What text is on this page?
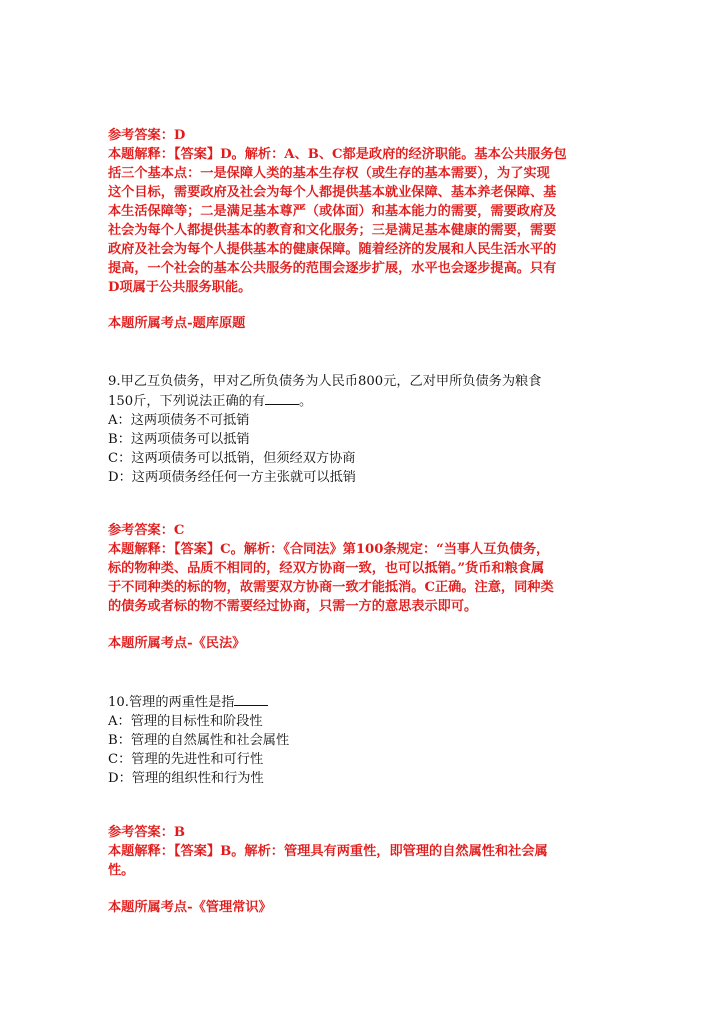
参考答案：D

本题解释：【答案】D。解析：A、B、C都是政府的经济职能。基本公共服务包

括三个基本点：一是保障人类的基本生存权（或生存的基本需要），为了实现

这个目标，需要政府及社会为每个人都提供基本就业保障、基本养老保障、基

本生活保障等；二是满足基本尊严（或体面）和基本能力的需要，需要政府及

社会为每个人都提供基本的教育和文化服务；三是满足基本健康的需要，需要

政府及社会为每个人提供基本的健康保障。随着经济的发展和人民生活水平的

提高，一个社会的基本公共服务的范围会逐步扩展，水平也会逐步提高。只有

D项属于公共服务职能。

本题所属考点-题库原题

9.甲乙互负债务，甲对乙所负债务为人民币800元，乙对甲所负债务为粮食

150斤，下列说法正确的有	。

A：这两项债务不可抵销

B：这两项债务可以抵销

C：这两项债务可以抵销，但须经双方协商

D：这两项债务经任何一方主张就可以抵销

参考答案：C

本题解释：【答案】C。解析：《合同法》第100条规定：“当事人互负债务，

标的物种类、品质不相同的，经双方协商一致，也可以抵销。”货币和粮食属

于不同种类的标的物，故需要双方协商一致才能抵消。C正确。注意，同种类

的债务或者标的物不需要经过协商，只需一方的意思表示即可。

本题所属考点-《民法》

10.管理的两重性是指

A：管理的目标性和阶段性

B：管理的自然属性和社会属性

C：管理的先进性和可行性

D：管理的组织性和行为性

参考答案：B

本题解释：【答案】B。解析：管理具有两重性，即管理的自然属性和社会属

性。

本题所属考点-《管理常识》
